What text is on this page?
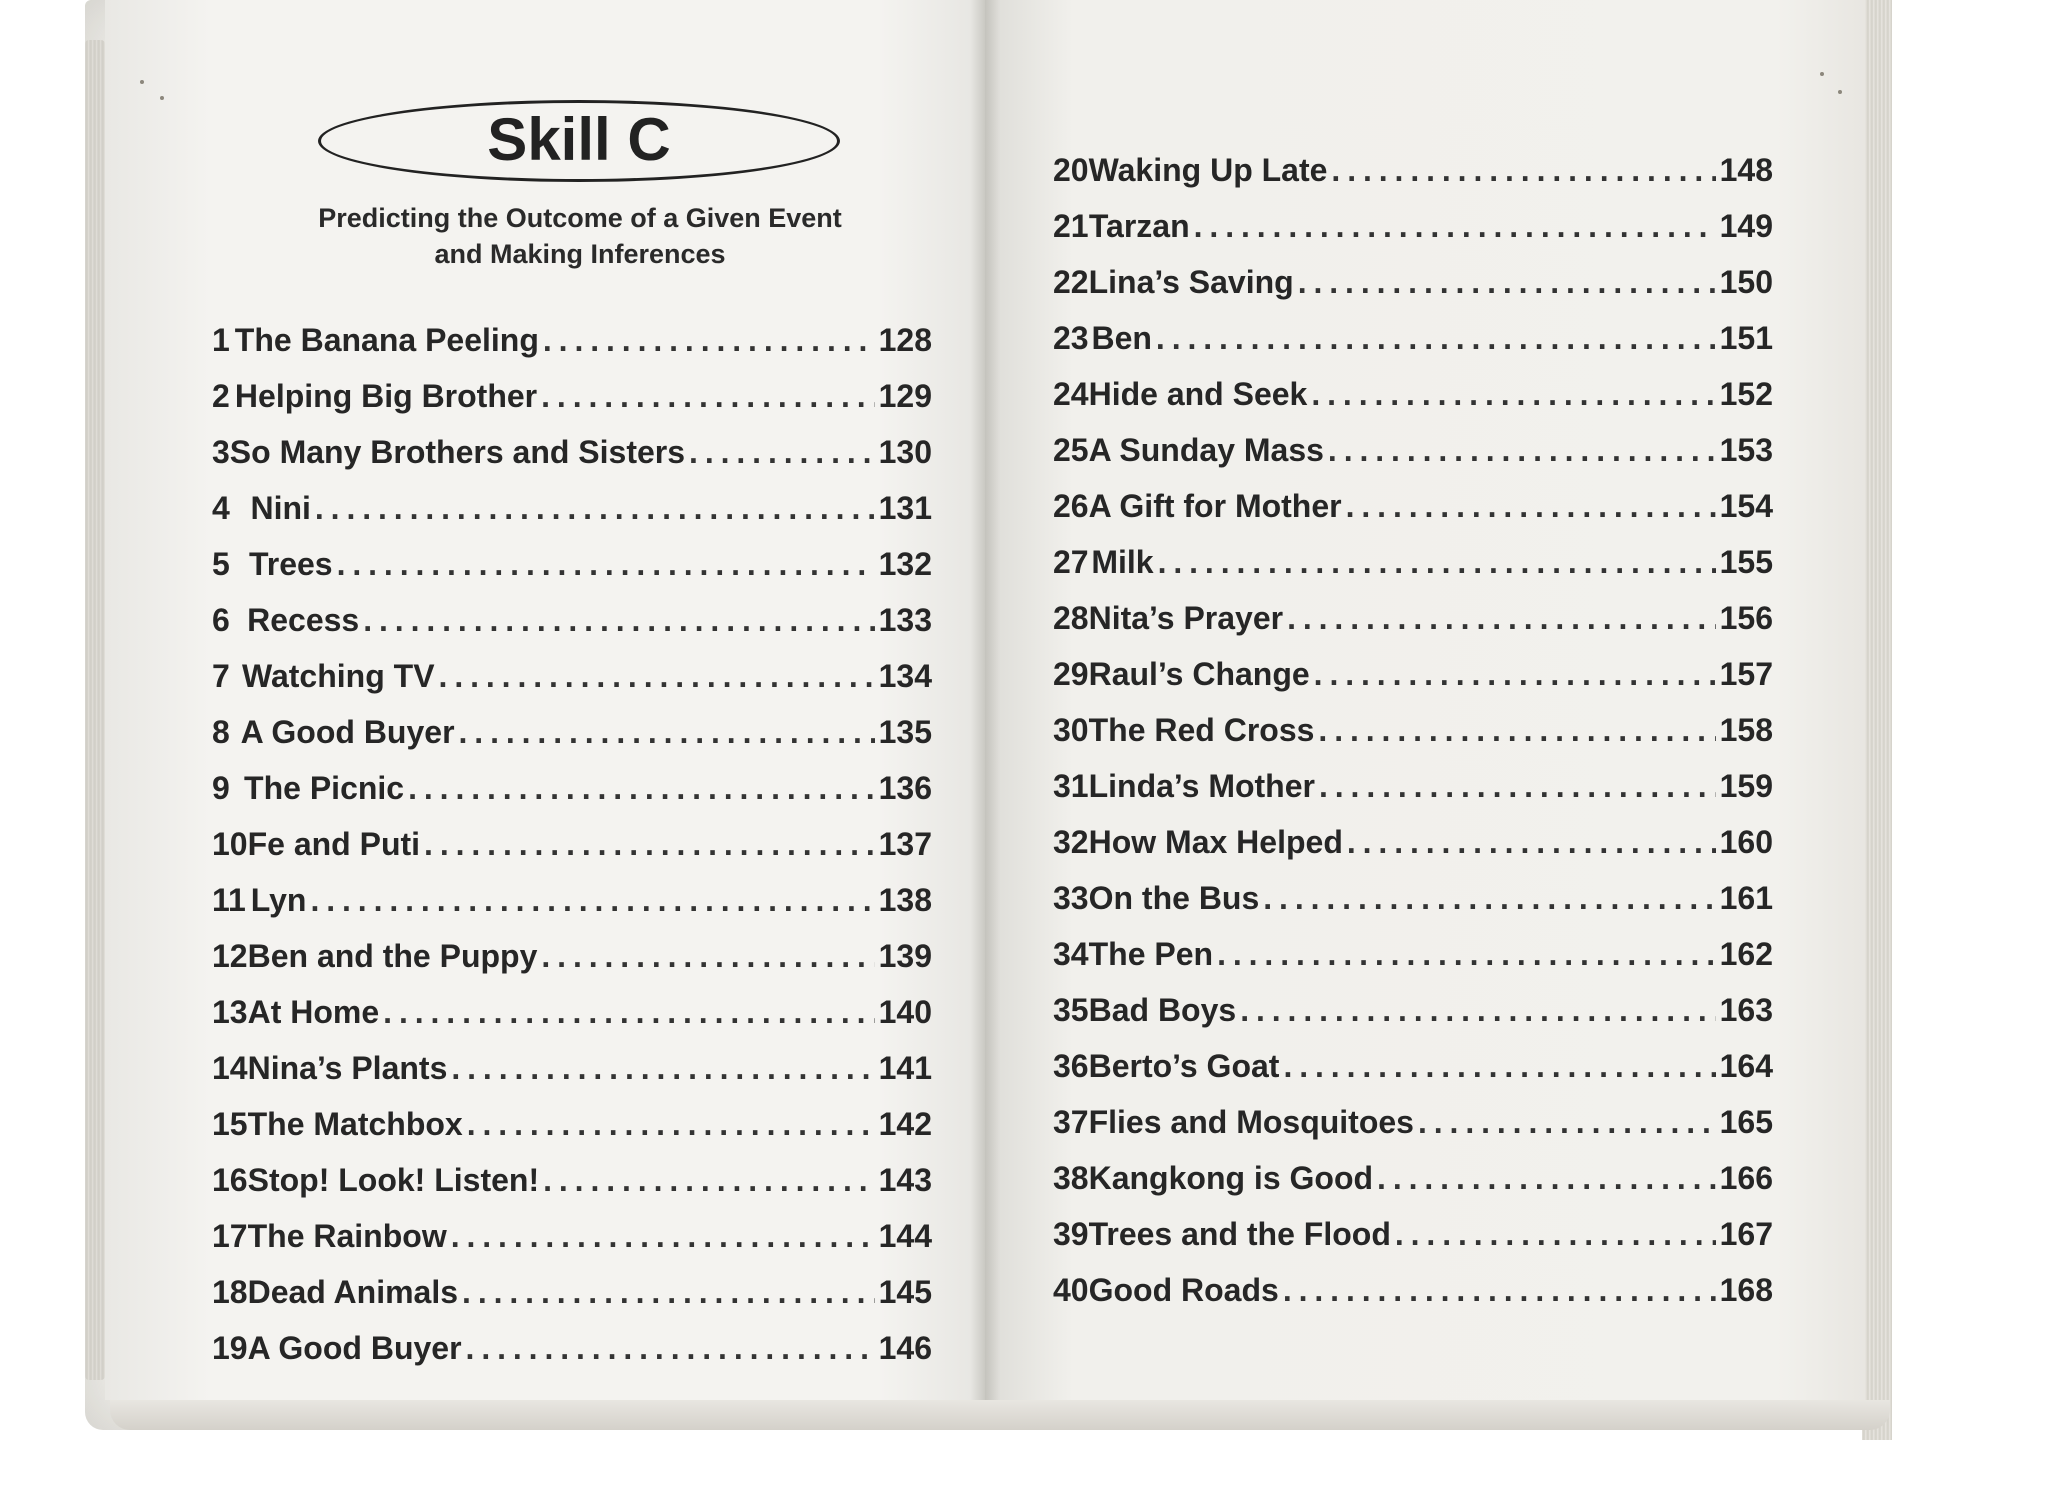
Skill C
Predicting the Outcome of a Given Event
and Making Inferences
1 The Banana Peeling . . .	128
2 Helping Big Brother . . .	129
3 So Many Brothers and Sisters . . .	130
4 Nini . . .	131
5 Trees . . .	132
6 Recess . . .	133
7 Watching TV . . .	134
8 A Good Buyer . . .	135
9 The Picnic . . .	136
10 Fe and Puti . . .	137
11 Lyn . . .	138
12 Ben and the Puppy . . .	139
13 At Home . . .	140
14 Nina’s Plants . . .	141
15 The Matchbox . . .	142
16 Stop! Look! Listen! . . .	143
17 The Rainbow . . .	144
18 Dead Animals . . .	145
19 A Good Buyer . . .	146
20 Waking Up Late . . .	148
21 Tarzan . . .	149
22 Lina’s Saving . . .	150
23 Ben . . .	151
24 Hide and Seek . . .	152
25 A Sunday Mass . . .	153
26 A Gift for Mother . . .	154
27 Milk . . .	155
28 Nita’s Prayer . . .	156
29 Raul’s Change . . .	157
30 The Red Cross . . .	158
31 Linda’s Mother . . .	159
32 How Max Helped . . .	160
33 On the Bus . . .	161
34 The Pen . . .	162
35 Bad Boys . . .	163
36 Berto’s Goat . . .	164
37 Flies and Mosquitoes . . .	165
38 Kangkong is Good . . .	166
39 Trees and the Flood . . .	167
40 Good Roads . . .	168
